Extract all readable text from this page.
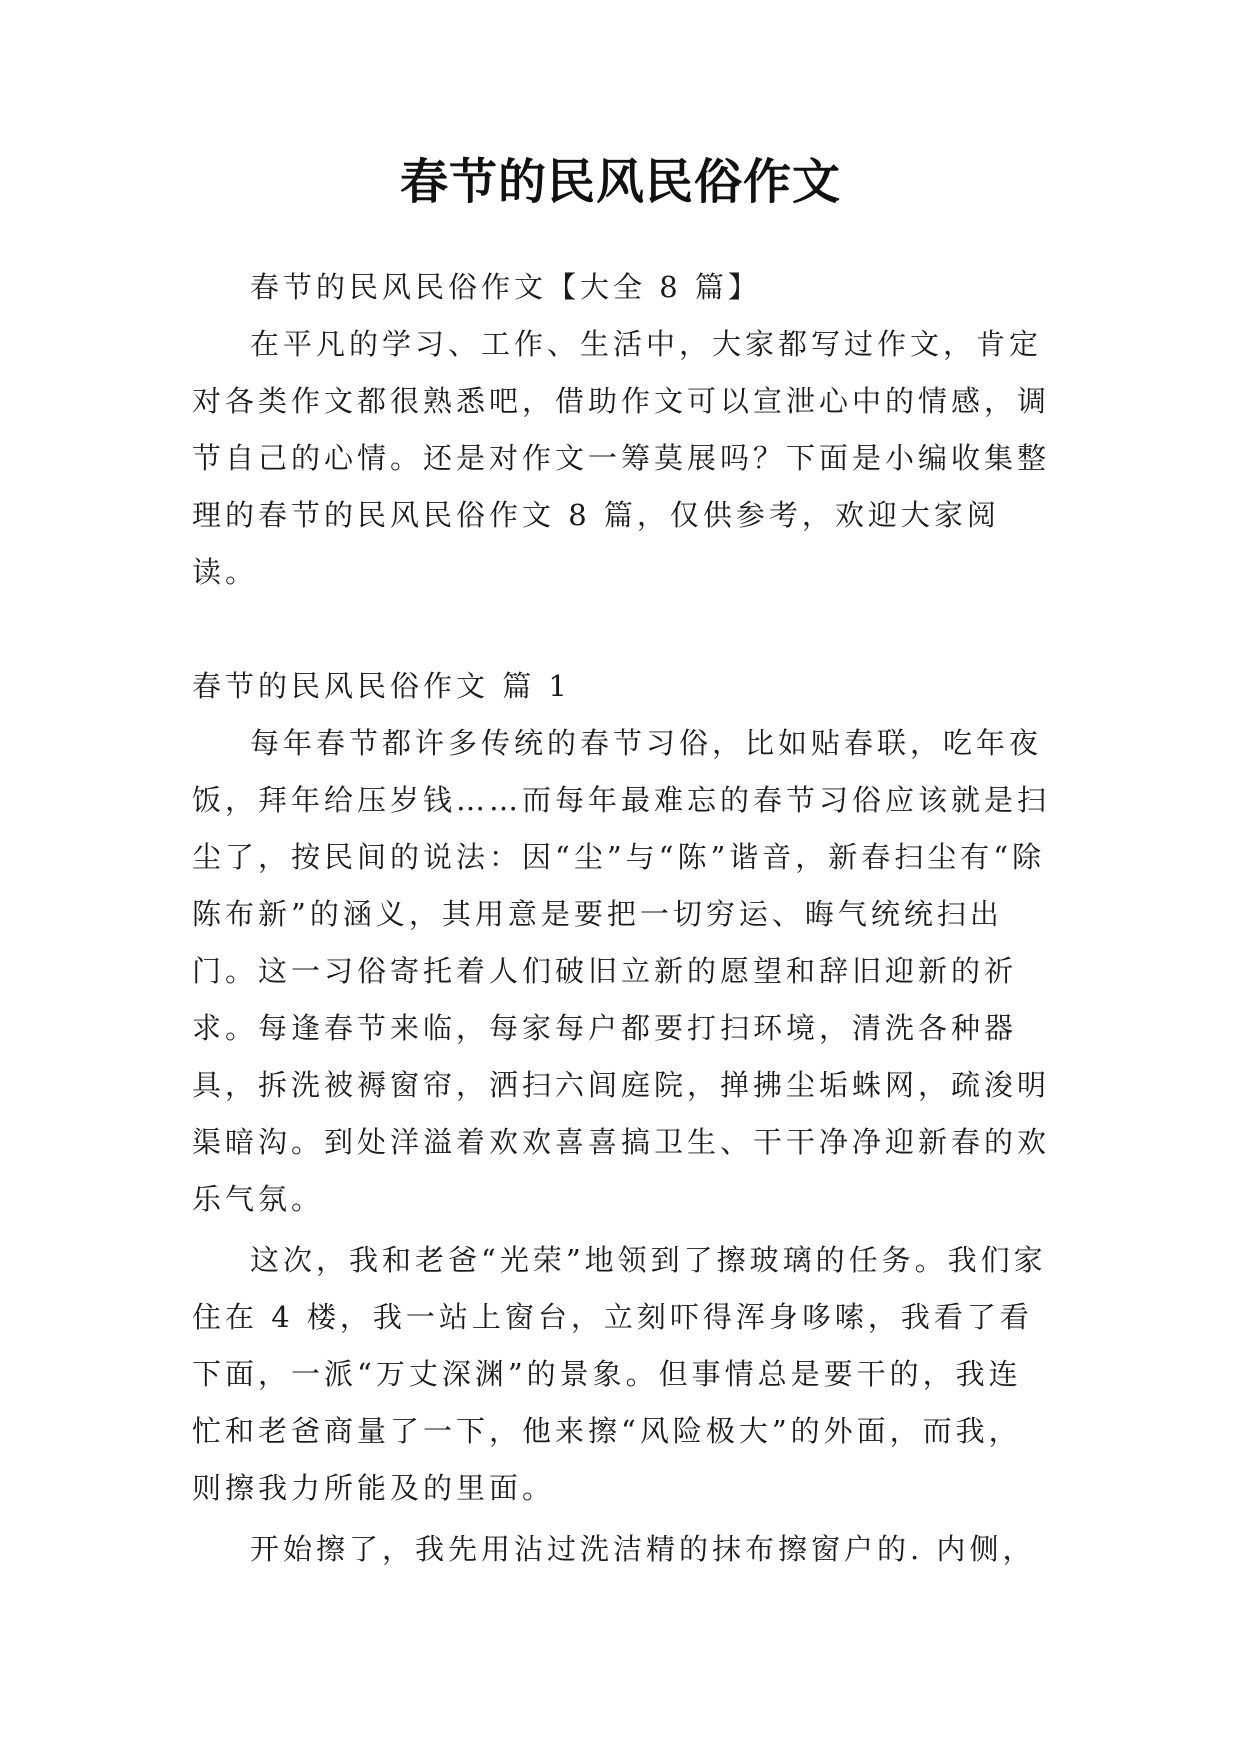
春节的民风民俗作文

春节的民风民俗作文【大全 8 篇】

在平凡的学习、工作、生活中，大家都写过作文，肯定对各类作文都很熟悉吧，借助作文可以宣泄心中的情感，调节自己的心情。还是对作文一筹莫展吗？下面是小编收集整理的春节的民风民俗作文 8 篇，仅供参考，欢迎大家阅读。

春节的民风民俗作文 篇 1

每年春节都许多传统的春节习俗，比如贴春联，吃年夜饭，拜年给压岁钱……而每年最难忘的春节习俗应该就是扫尘了，按民间的说法：因“尘”与“陈”谐音，新春扫尘有“除陈布新”的涵义，其用意是要把一切穷运、晦气统统扫出门。这一习俗寄托着人们破旧立新的愿望和辞旧迎新的祈求。每逢春节来临，每家每户都要打扫环境，清洗各种器具，拆洗被褥窗帘，洒扫六闾庭院，掸拂尘垢蛛网，疏浚明渠暗沟。到处洋溢着欢欢喜喜搞卫生、干干净净迎新春的欢乐气氛。

这次，我和老爸“光荣”地领到了擦玻璃的任务。我们家住在 4 楼，我一站上窗台，立刻吓得浑身哆嗦，我看了看下面，一派“万丈深渊”的景象。但事情总是要干的，我连忙和老爸商量了一下，他来擦“风险极大”的外面，而我，则擦我力所能及的里面。

开始擦了，我先用沾过洗洁精的抹布擦窗户的. 内侧，
